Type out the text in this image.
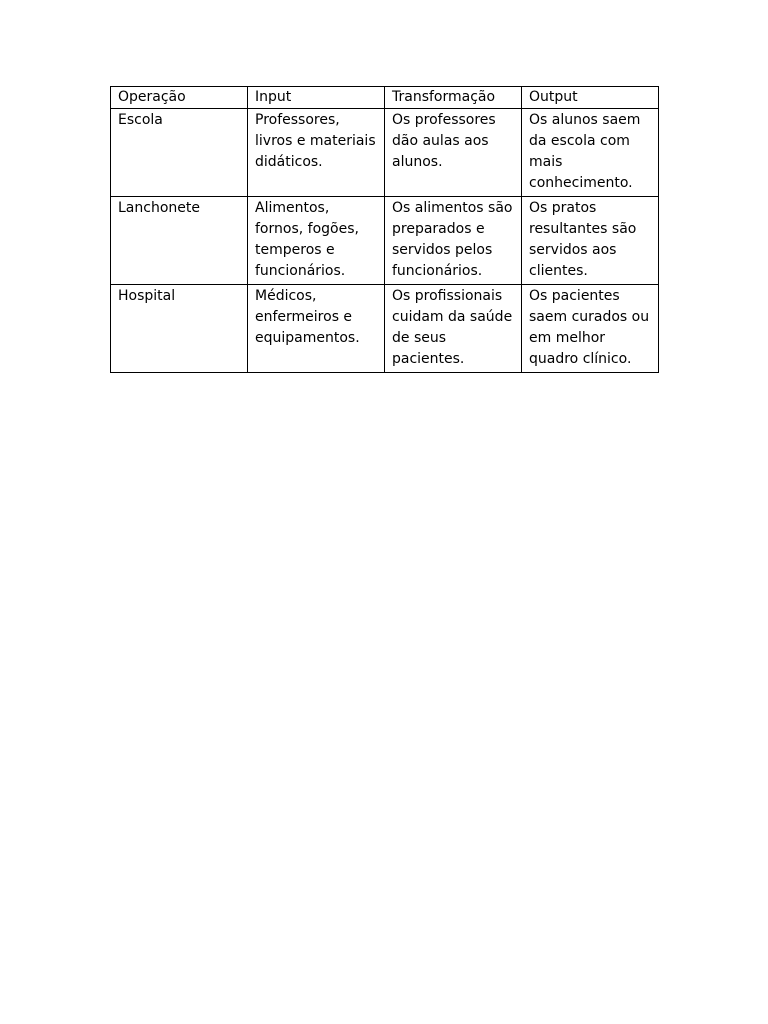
Operação	Input	Transformação	Output
Escola	Professores, livros e materiais didáticos.	Os professores dão aulas aos alunos.	Os alunos saem da escola com mais conhecimento.
Lanchonete	Alimentos, fornos, fogões, temperos e funcionários.	Os alimentos são preparados e servidos pelos funcionários.	Os pratos resultantes são servidos aos clientes.
Hospital	Médicos, enfermeiros e equipamentos.	Os profissionais cuidam da saúde de seus pacientes.	Os pacientes saem curados ou em melhor quadro clínico.
